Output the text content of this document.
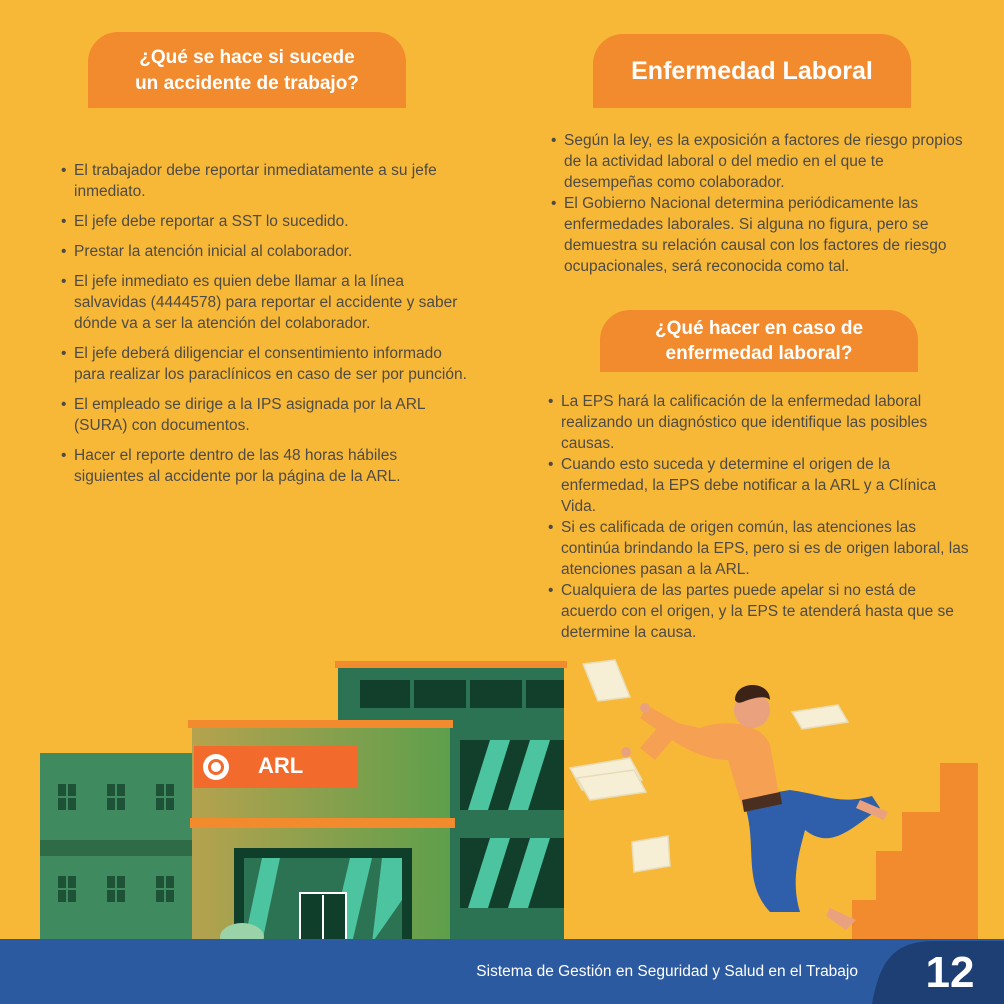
¿Qué se hace si sucede
un accidente de trabajo?
• El trabajador debe reportar inmediatamente a su jefe inmediato.
• El jefe debe reportar a SST lo sucedido.
• Prestar la atención inicial al colaborador.
• El jefe inmediato es quien debe llamar a la línea salvavidas (4444578) para reportar el accidente y saber dónde va a ser la atención del colaborador.
• El jefe deberá diligenciar el consentimiento informado para realizar los paraclínicos en caso de ser por punción.
• El empleado se dirige a la IPS asignada por la ARL (SURA) con documentos.
• Hacer el reporte dentro de las 48 horas hábiles siguientes al accidente por la página de la ARL.
Enfermedad Laboral
• Según la ley, es la exposición a factores de riesgo propios de la actividad laboral o del medio en el que te desempeñas como colaborador.
• El Gobierno Nacional determina periódicamente las enfermedades laborales. Si alguna no figura, pero se demuestra su relación causal con los factores de riesgo ocupacionales, será reconocida como tal.
¿Qué hacer en caso de
enfermedad laboral?
• La EPS hará la calificación de la enfermedad laboral realizando un diagnóstico que identifique las posibles causas.
• Cuando esto suceda y determine el origen de la enfermedad, la EPS debe notificar a la ARL y a Clínica Vida.
• Si es calificada de origen común, las atenciones las continúa brindando la EPS, pero si es de origen laboral, las atenciones pasan a la ARL.
• Cualquiera de las partes puede apelar si no está de acuerdo con el origen, y la EPS te atenderá hasta que se determine la causa.
ARL
Sistema de Gestión en Seguridad y Salud en el Trabajo	12
